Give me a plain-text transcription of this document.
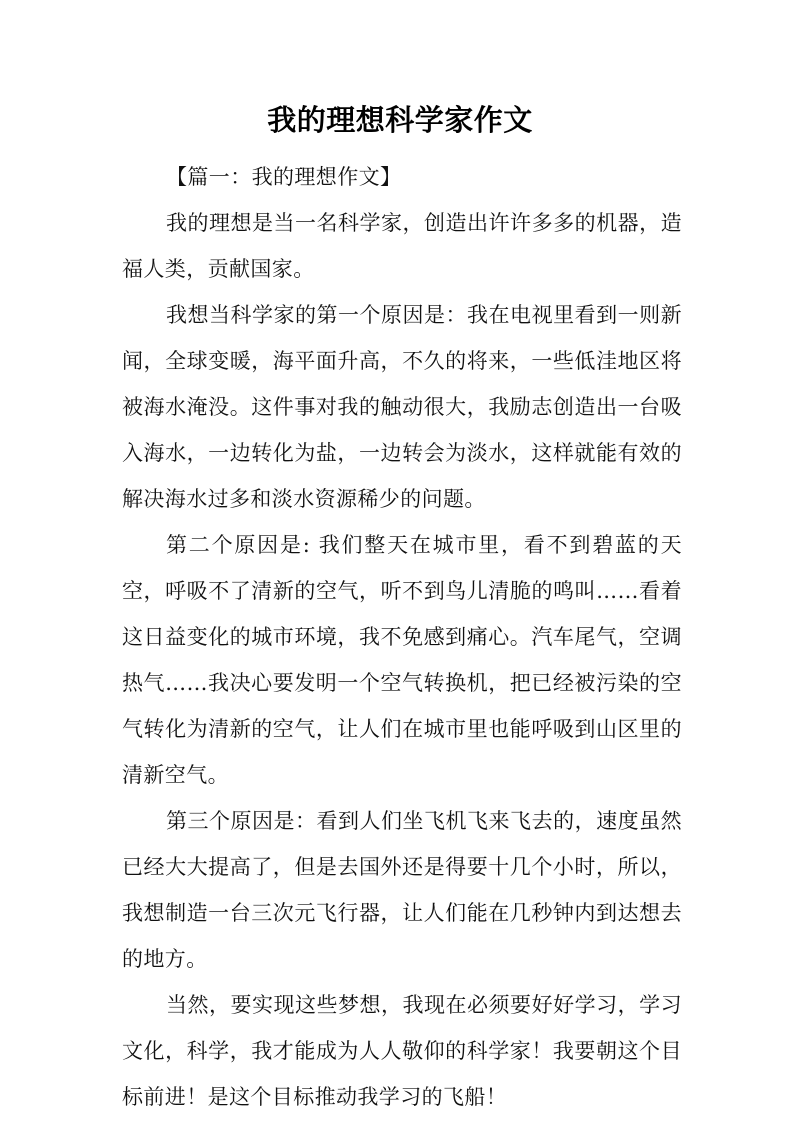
我的理想科学家作文

【篇一：我的理想作文】

我的理想是当一名科学家，创造出许许多多的机器，造福人类，贡献国家。

我想当科学家的第一个原因是：我在电视里看到一则新闻，全球变暖，海平面升高，不久的将来，一些低洼地区将被海水淹没。这件事对我的触动很大，我励志创造出一台吸入海水，一边转化为盐，一边转会为淡水，这样就能有效的解决海水过多和淡水资源稀少的问题。

第二个原因是: 我们整天在城市里，看不到碧蓝的天空，呼吸不了清新的空气，听不到鸟儿清脆的鸣叫……看着这日益变化的城市环境，我不免感到痛心。汽车尾气，空调热气……我决心要发明一个空气转换机，把已经被污染的空气转化为清新的空气，让人们在城市里也能呼吸到山区里的清新空气。

第三个原因是：看到人们坐飞机飞来飞去的，速度虽然已经大大提高了，但是去国外还是得要十几个小时，所以，我想制造一台三次元飞行器，让人们能在几秒钟内到达想去的地方。

当然，要实现这些梦想，我现在必须要好好学习，学习文化，科学，我才能成为人人敬仰的科学家！我要朝这个目标前进！是这个目标推动我学习的飞船！
